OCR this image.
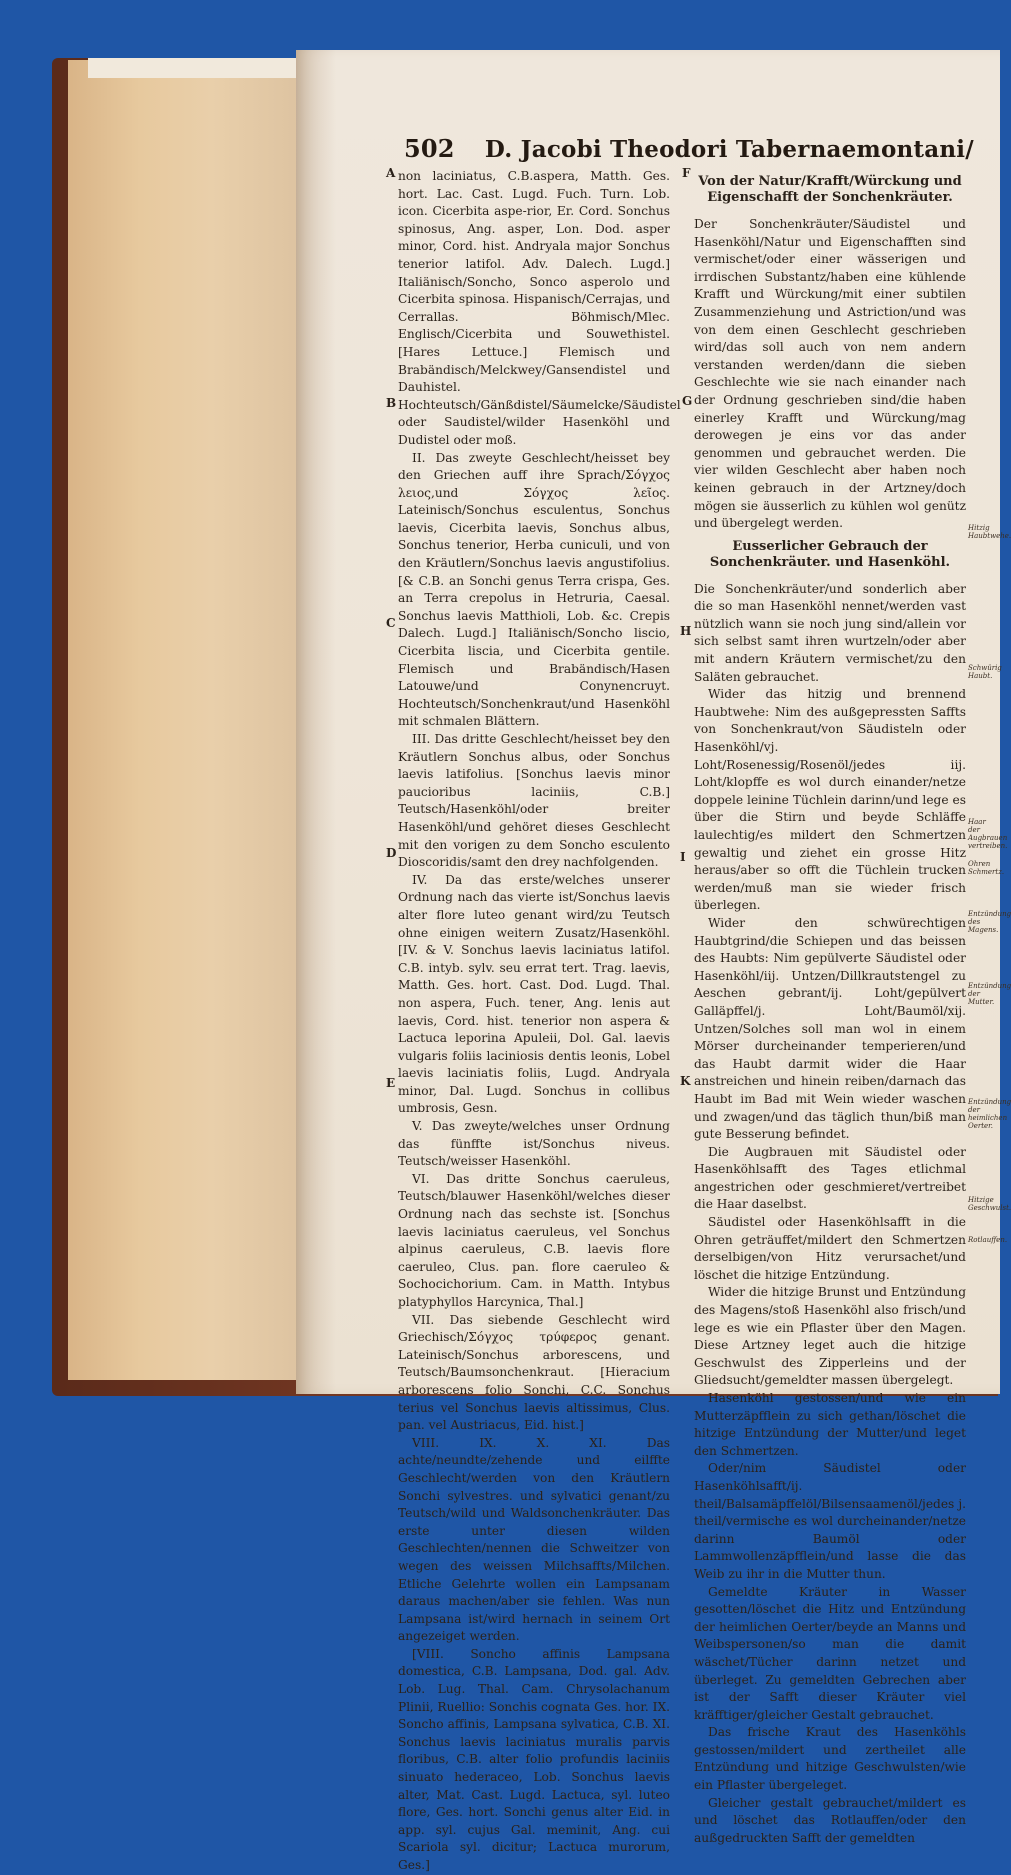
502 D. Jacobi Theodori Tabernaemontani/

non laciniatus, C.B.aspera, Matth. Ges. hort. Lac. Cast. Lugd. Fuch. Turn. Lob. icon. Cicerbita aspe-rior, Er. Cord. Sonchus spinosus, Ang. asper, Lon. Dod. asper minor, Cord. hist. Andryala major Sonchus tenerior latifol. Adv. Dalech. Lugd.] Italiänisch/Soncho, Sonco asperolo und Cicerbita spinosa. Hispanisch/Cerrajas, und Cerrallas. Böhmisch/Mlec. Englisch/Cicerbita und Souwethistel. [Hares Lettuce.] Flemisch und Brabändisch/Melckwey/Gansendistel und Dauhistel. Hochteutsch/Gänßdistel/Säumelcke/Säudistel oder Saudistel/wilder Hasenköhl und Dudistel oder moß.

II. Das zweyte Geschlecht/heisset bey den Griechen auff ihre Sprach/Σόγχος λειος,und Σόγχος λεῖος. Lateinisch/Sonchus esculentus, Sonchus laevis, Cicerbita laevis, Sonchus albus, Sonchus tenerior, Herba cuniculi, und von den Kräutlern/Sonchus laevis angustifolius. [& C.B. an Sonchi genus Terra crispa, Ges. an Terra crepolus in Hetruria, Caesal. Sonchus laevis Matthioli, Lob. &c. Crepis Dalech. Lugd.] Italiänisch/Soncho liscio, Cicerbita liscia, und Cicerbita gentile. Flemisch und Brabändisch/Hasen Latouwe/und Conynencruyt. Hochteutsch/Sonchenkraut/und Hasenköhl mit schmalen Blättern.

III. Das dritte Geschlecht/heisset bey den Kräutlern Sonchus albus, oder Sonchus laevis latifolius. [Sonchus laevis minor paucioribus laciniis, C.B.] Teutsch/Hasenköhl/oder breiter Hasenköhl/und gehöret dieses Geschlecht mit den vorigen zu dem Soncho esculento Dioscoridis/samt den drey nachfolgenden.

IV. Da das erste/welches unserer Ordnung nach das vierte ist/Sonchus laevis alter flore luteo genant wird/zu Teutsch ohne einigen weitern Zusatz/Hasenköhl. [IV. & V. Sonchus laevis laciniatus latifol. C.B. intyb. sylv. seu errat tert. Trag. laevis, Matth. Ges. hort. Cast. Dod. Lugd. Thal. non aspera, Fuch. tener, Ang. lenis aut laevis, Cord. hist. tenerior non aspera & Lactuca leporina Apuleii, Dol. Gal. laevis vulgaris foliis laciniosis dentis leonis, Lobel laevis laciniatis foliis, Lugd. Andryala minor, Dal. Lugd. Sonchus in collibus umbrosis, Gesn.

V. Das zweyte/welches unser Ordnung das fünffte ist/Sonchus niveus. Teutsch/weisser Hasenköhl.

VI. Das dritte Sonchus caeruleus, Teutsch/blauwer Hasenköhl/welches dieser Ordnung nach das sechste ist. [Sonchus laevis laciniatus caeruleus, vel Sonchus alpinus caeruleus, C.B. laevis flore caeruleo, Clus. pan. flore caeruleo & Sochocichorium. Cam. in Matth. Intybus platyphyllos Harcynica, Thal.]

VII. Das siebende Geschlecht wird Griechisch/Σόγχος τρύφερος genant. Lateinisch/Sonchus arborescens, und Teutsch/Baumsonchenkraut. [Hieracium arborescens folio Sonchi, C.C. Sonchus terius vel Sonchus laevis altissimus, Clus. pan. vel Austriacus, Eid. hist.]

VIII. IX. X. XI. Das achte/neundte/zehende und eilffte Geschlecht/werden von den Kräutlern Sonchi sylvestres. und sylvatici genant/zu Teutsch/wild und Waldsonchenkräuter. Das erste unter diesen wilden Geschlechten/nennen die Schweitzer von wegen des weissen Milchsaffts/Milchen. Etliche Gelehrte wollen ein Lampsanam daraus machen/aber sie fehlen. Was nun Lampsana ist/wird hernach in seinem Ort angezeiget werden.

[VIII. Soncho affinis Lampsana domestica, C.B. Lampsana, Dod. gal. Adv. Lob. Lug. Thal. Cam. Chrysolachanum Plinii, Ruellio: Sonchis cognata Ges. hor. IX. Soncho affinis, Lampsana sylvatica, C.B. XI. Sonchus laevis laciniatus muralis parvis floribus, C.B. alter folio profundis laciniis sinuato hederaceo, Lob. Sonchus laevis alter, Mat. Cast. Lugd. Lactuca, syl. luteo flore, Ges. hort. Sonchi genus alter Eid. in app. syl. cujus Gal. meminit, Ang. cui Scariola syl. dicitur; Lactuca murorum, Ges.]

Von der Natur/Krafft/Würckung und Eigenschafft der Sonchenkräuter.

Der Sonchenkräuter/Säudistel und Hasenköhl/Natur und Eigenschafften sind vermischet/oder einer wässerigen und irrdischen Substantz/haben eine kühlende Krafft und Würckung/mit einer subtilen Zusammenziehung und Astriction/und was von dem einen Geschlecht geschrieben wird/das soll auch von nem andern verstanden werden/dann die sieben Geschlechte wie sie nach einander nach der Ordnung geschrieben sind/die haben einerley Krafft und Würckung/mag derowegen je eins vor das ander genommen und gebrauchet werden. Die vier wilden Geschlecht aber haben noch keinen gebrauch in der Artzney/doch mögen sie äusserlich zu kühlen wol genütz und übergelegt werden.

Eusserlicher Gebrauch der Sonchenkräuter. und Hasenköhl.

Die Sonchenkräuter/und sonderlich aber die so man Hasenköhl nennet/werden vast nützlich wann sie noch jung sind/allein vor sich selbst samt ihren wurtzeln/oder aber mit andern Kräutern vermischet/zu den Saläten gebrauchet.

Wider das hitzig und brennend Haubtwehe: Nim des außgepressten Saffts von Sonchenkraut/von Säudisteln oder Hasenköhl/vj. Loht/Rosenessig/Rosenöl/jedes iij. Loht/klopffe es wol durch einander/netze doppele leinine Tüchlein darinn/und lege es über die Stirn und beyde Schläffe laulechtig/es mildert den Schmertzen gewaltig und ziehet ein grosse Hitz heraus/aber so offt die Tüchlein trucken werden/muß man sie wieder frisch überlegen.

Wider den schwürechtigen Haubtgrind/die Schiepen und das beissen des Haubts: Nim gepülverte Säudistel oder Hasenköhl/iij. Untzen/Dillkrautstengel zu Aeschen gebrant/ij. Loht/gepülvert Galläpffel/j. Loht/Baumöl/xij. Untzen/Solches soll man wol in einem Mörser durcheinander temperieren/und das Haubt darmit wider die Haar anstreichen und hinein reiben/darnach das Haubt im Bad mit Wein wieder waschen und zwagen/und das täglich thun/biß man gute Besserung befindet.

Die Augbrauen mit Säudistel oder Hasenköhlsafft des Tages etlichmal angestrichen oder geschmieret/vertreibet die Haar daselbst.

Säudistel oder Hasenköhlsafft in die Ohren geträuffet/mildert den Schmertzen derselbigen/von Hitz verursachet/und löschet die hitzige Entzündung.

Wider die hitzige Brunst und Entzündung des Magens/stoß Hasenköhl also frisch/und lege es wie ein Pflaster über den Magen. Diese Artzney leget auch die hitzige Geschwulst des Zipperleins und der Gliedsucht/gemeldter massen übergelegt.

Hasenköhl gestossen/und wie ein Mutterzäpfflein zu sich gethan/löschet die hitzige Entzündung der Mutter/und leget den Schmertzen.

Oder/nim Säudistel oder Hasenköhlsafft/ij. theil/Balsamäpffelöl/Bilsensaamenöl/jedes j. theil/vermische es wol durcheinander/netze darinn Baumöl oder Lammwollenzäpfflein/und lasse die das Weib zu ihr in die Mutter thun.

Gemeldte Kräuter in Wasser gesotten/löschet die Hitz und Entzündung der heimlichen Oerter/beyde an Manns und Weibspersonen/so man die damit wäschet/Tücher darinn netzet und überleget. Zu gemeldten Gebrechen aber ist der Safft dieser Kräuter viel kräfftiger/gleicher Gestalt gebrauchet.

Das frische Kraut des Hasenköhls gestossen/mildert und zertheilet alle Entzündung und hitzige Geschwulsten/wie ein Pflaster übergeleget.

Gleicher gestalt gebrauchet/mildert es und löschet das Rotlauffen/oder den außgedruckten Safft der gemeldten

A
B
C
D
E
F
G
H
I
K
Hitzig Haubtwehe.
Schwürig Haubt.
Haar der Augbrauen vertreiben.
Ohren Schmertz.
Entzündung des Magens.
Entzündung der Mutter.
Entzündung der heimlichen Oerter.
Hitzige Geschwulst.
Rotlauffen.
